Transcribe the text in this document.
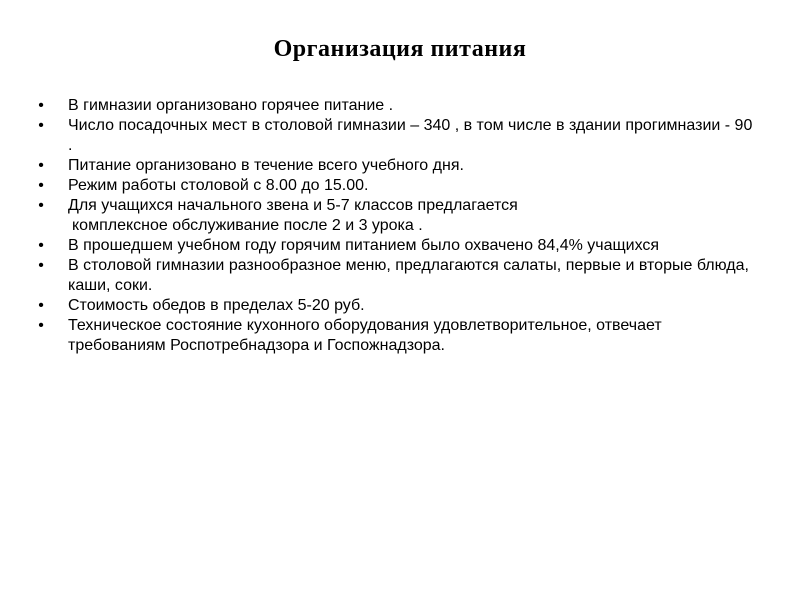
Организация питания
• В гимназии организовано горячее питание .
• Число посадочных мест в столовой гимназии – 340 , в том числе в здании прогимназии - 90 .
• Питание организовано в течение всего учебного дня.
• Режим работы столовой с 8.00 до 15.00.
• Для учащихся начального звена и 5-7 классов предлагается
комплексное обслуживание после 2 и 3 урока .
• В прошедшем учебном году горячим питанием было охвачено 84,4% учащихся
• В столовой гимназии разнообразное меню, предлагаются салаты, первые и вторые блюда, каши, соки.
• Стоимость обедов в пределах 5-20 руб.
• Техническое состояние кухонного оборудования удовлетворительное, отвечает требованиям Роспотребнадзора и Госпожнадзора.
